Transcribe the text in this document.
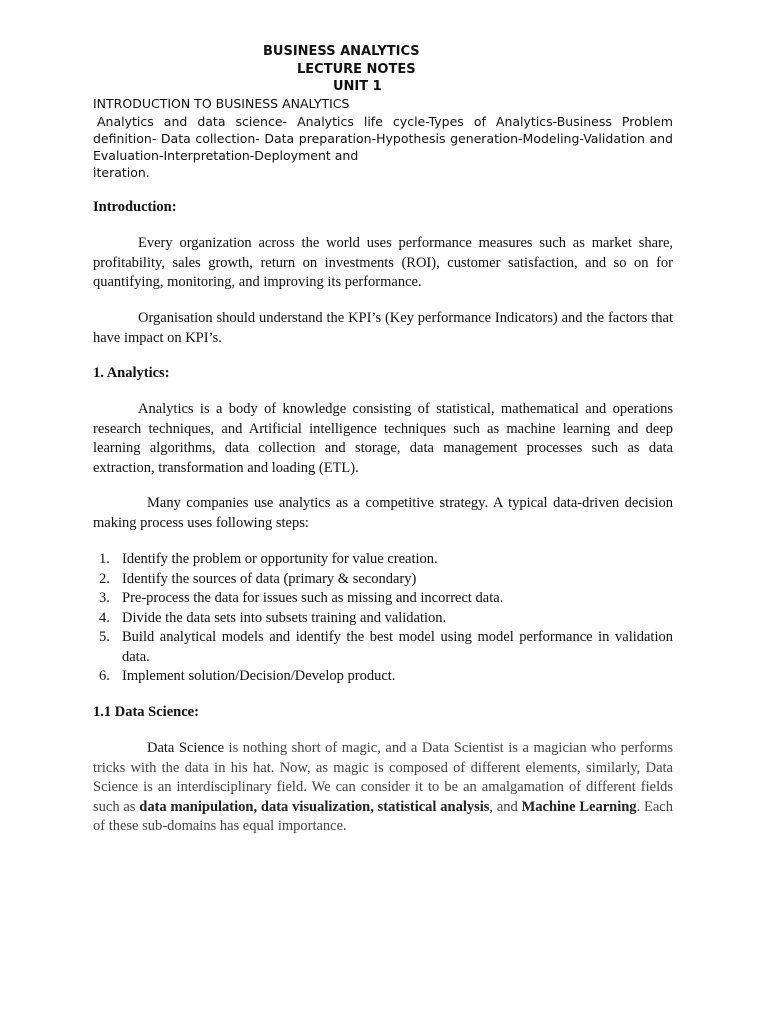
BUSINESS ANALYTICS
LECTURE NOTES
UNIT 1
INTRODUCTION TO BUSINESS ANALYTICS
Analytics and data science- Analytics life cycle-Types of Analytics-Business Problem definition- Data collection- Data preparation-Hypothesis generation-Modeling-Validation and Evaluation-Interpretation-Deployment and
iteration.
Introduction:
Every organization across the world uses performance measures such as market share, profitability, sales growth, return on investments (ROI), customer satisfaction, and so on for quantifying, monitoring, and improving its performance.
Organisation should understand the KPI’s (Key performance Indicators) and the factors that have impact on KPI’s.
1. Analytics:
Analytics is a body of knowledge consisting of statistical, mathematical and operations research techniques, and Artificial intelligence techniques such as machine learning and deep learning algorithms, data collection and storage, data management processes such as data extraction, transformation and loading (ETL).
Many companies use analytics as a competitive strategy. A typical data-driven decision making process uses following steps:
1. Identify the problem or opportunity for value creation.
2. Identify the sources of data (primary & secondary)
3. Pre-process the data for issues such as missing and incorrect data.
4. Divide the data sets into subsets training and validation.
5. Build analytical models and identify the best model using model performance in validation data.
6. Implement solution/Decision/Develop product.
1.1 Data Science:
Data Science is nothing short of magic, and a Data Scientist is a magician who performs tricks with the data in his hat. Now, as magic is composed of different elements, similarly, Data Science is an interdisciplinary field. We can consider it to be an amalgamation of different fields such as data manipulation, data visualization, statistical analysis, and Machine Learning. Each of these sub-domains has equal importance.
